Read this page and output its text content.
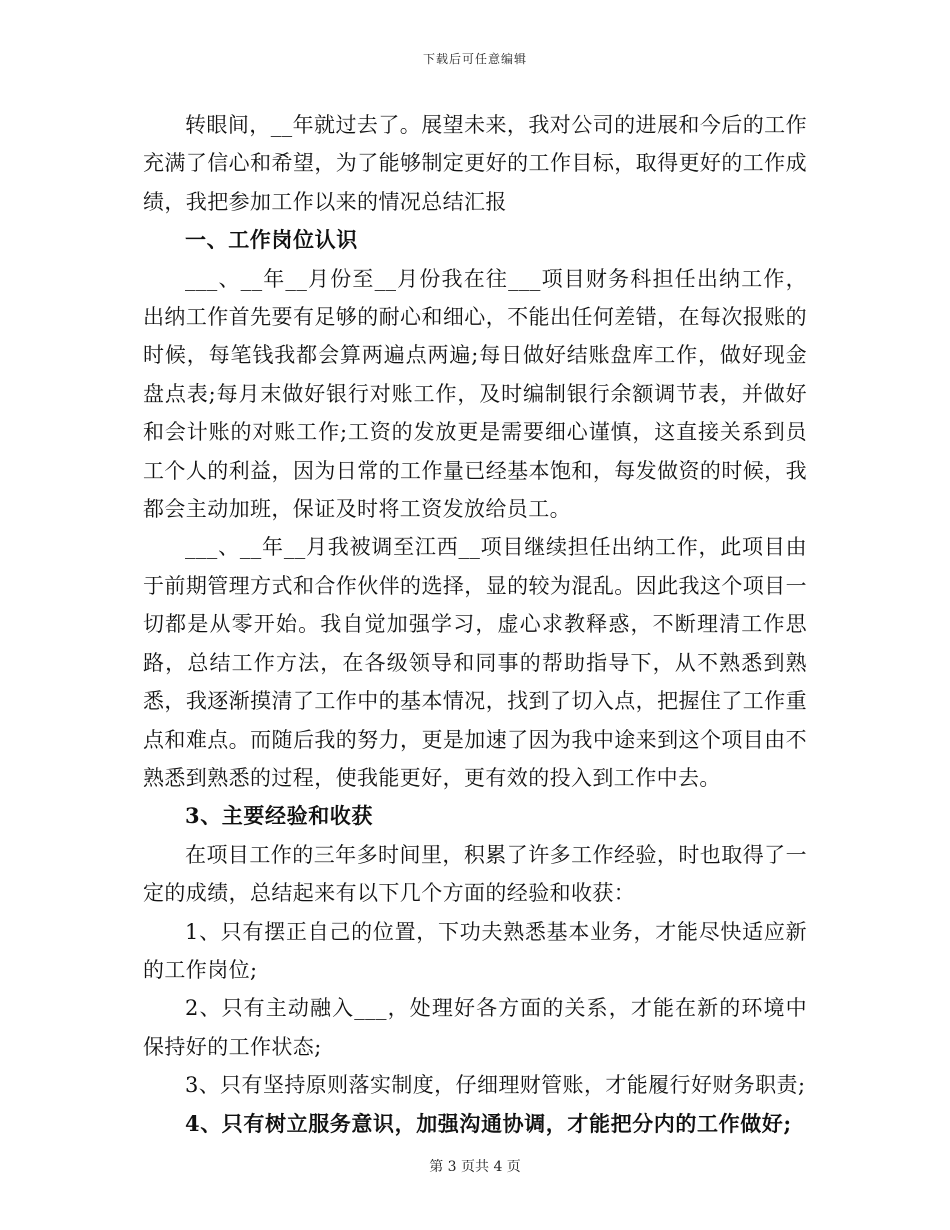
下载后可任意编辑

转眼间，__年就过去了。展望未来，我对公司的进展和今后的工作充满了信心和希望，为了能够制定更好的工作目标，取得更好的工作成绩，我把参加工作以来的情况总结汇报

一、工作岗位认识

___、__年__月份至__月份我在往___项目财务科担任出纳工作，出纳工作首先要有足够的耐心和细心，不能出任何差错，在每次报账的时候，每笔钱我都会算两遍点两遍;每日做好结账盘库工作，做好现金盘点表;每月末做好银行对账工作，及时编制银行余额调节表，并做好和会计账的对账工作;工资的发放更是需要细心谨慎，这直接关系到员工个人的利益，因为日常的工作量已经基本饱和，每发做资的时候，我都会主动加班，保证及时将工资发放给员工。

___、__年__月我被调至江西__项目继续担任出纳工作，此项目由于前期管理方式和合作伙伴的选择，显的较为混乱。因此我这个项目一切都是从零开始。我自觉加强学习，虚心求教释惑，不断理清工作思路，总结工作方法，在各级领导和同事的帮助指导下，从不熟悉到熟悉，我逐渐摸清了工作中的基本情况，找到了切入点，把握住了工作重点和难点。而随后我的努力，更是加速了因为我中途来到这个项目由不熟悉到熟悉的过程，使我能更好，更有效的投入到工作中去。

3、主要经验和收获

在项目工作的三年多时间里，积累了许多工作经验，时也取得了一定的成绩，总结起来有以下几个方面的经验和收获：

1、只有摆正自己的位置，下功夫熟悉基本业务，才能尽快适应新的工作岗位;

2、只有主动融入___，处理好各方面的关系，才能在新的环境中保持好的工作状态;

3、只有坚持原则落实制度，仔细理财管账，才能履行好财务职责;

4、只有树立服务意识，加强沟通协调，才能把分内的工作做好;

第 3 页共 4 页
